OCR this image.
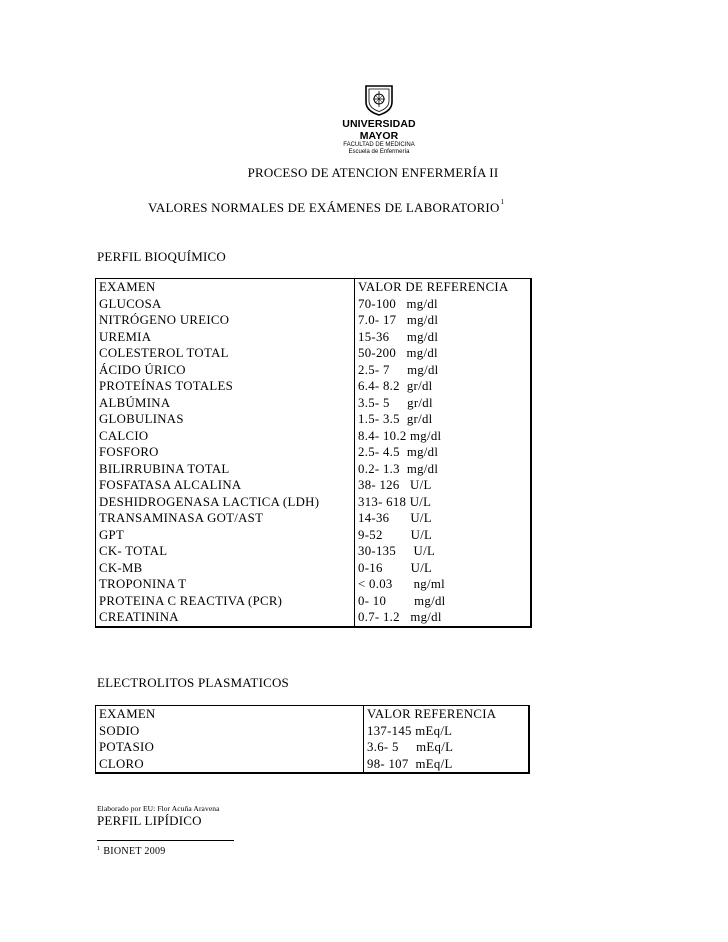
UNIVERSIDAD MAYOR
FACULTAD DE MEDICINA
Escuela de Enfermería
PROCESO DE ATENCION ENFERMERÍA II
VALORES NORMALES DE EXÁMENES DE LABORATORIO$^1$
PERFIL BIOQUÍMICO
EXAMEN	VALOR DE REFERENCIA
GLUCOSA	70-100   mg/dl
NITRÓGENO UREICO	7.0- 17   mg/dl
UREMIA	15-36     mg/dl
COLESTEROL TOTAL	50-200   mg/dl
ÁCIDO ÚRICO	2.5- 7     mg/dl
PROTEÍNAS TOTALES	6.4- 8.2  gr/dl
ALBÚMINA	3.5- 5     gr/dl
GLOBULINAS	1.5- 3.5  gr/dl
CALCIO	8.4- 10.2 mg/dl
FOSFORO	2.5- 4.5  mg/dl
BILIRRUBINA TOTAL	0.2- 1.3  mg/dl
FOSFATASA ALCALINA	38- 126   U/L
DESHIDROGENASA LACTICA (LDH)	313- 618 U/L
TRANSAMINASA GOT/AST	14-36      U/L
GPT	9-52        U/L
CK- TOTAL	30-135     U/L
CK-MB	0-16        U/L
TROPONINA T	< 0.03      ng/ml
PROTEINA C REACTIVA (PCR)	0- 10        mg/dl
CREATININA	0.7- 1.2   mg/dl
ELECTROLITOS PLASMATICOS
EXAMEN	VALOR REFERENCIA
SODIO	137-145 mEq/L
POTASIO	3.6- 5     mEq/L
CLORO	98- 107  mEq/L
Elaborado por EU: Flor Acuña Aravena
PERFIL LIPÍDICO
$^1$ BIONET 2009
